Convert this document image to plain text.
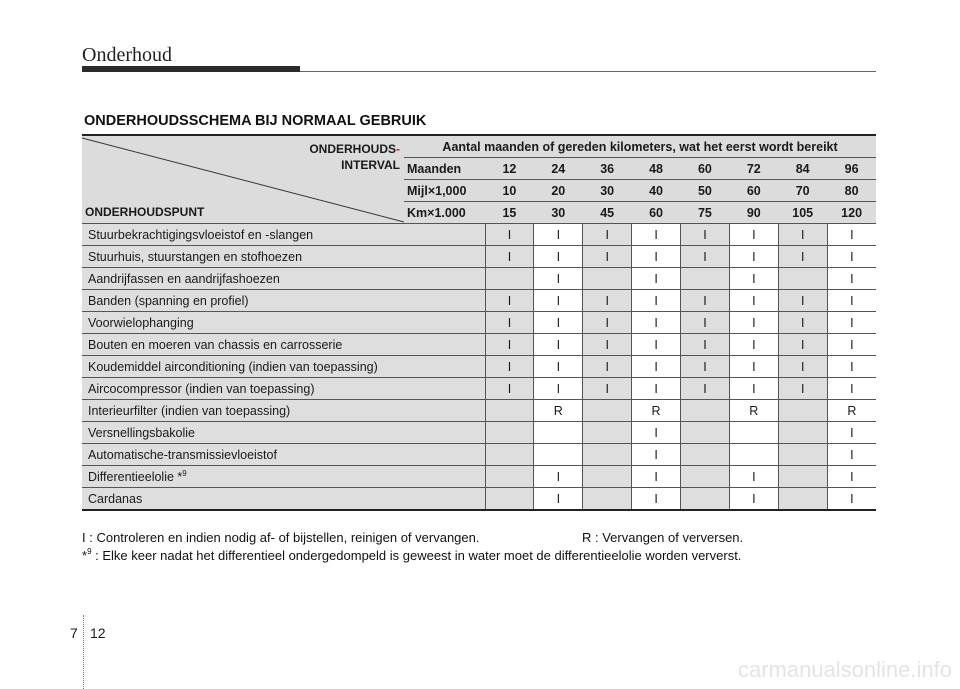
Onderhoud
ONDERHOUDSSCHEMA BIJ NORMAAL GEBRUIK
ONDERHOUDS-
INTERVAL
ONDERHOUDSPUNT	Aantal maanden of gereden kilometers, wat het eerst wordt bereikt								
	Maanden	12	24	36	48	60	72	84	96
	Mijl×1,000	10	20	30	40	50	60	70	80
	Km×1.000	15	30	45	60	75	90	105	120
Stuurbekrachtigingsvloeistof en -slangen		I	I	I	I	I	I	I	I
Stuurhuis, stuurstangen en stofhoezen		I	I	I	I	I	I	I	I
Aandrijfassen en aandrijfashoezen			I		I		I		I
Banden (spanning en profiel)		I	I	I	I	I	I	I	I
Voorwielophanging		I	I	I	I	I	I	I	I
Bouten en moeren van chassis en carrosserie		I	I	I	I	I	I	I	I
Koudemiddel airconditioning (indien van toepassing)		I	I	I	I	I	I	I	I
Aircocompressor (indien van toepassing)		I	I	I	I	I	I	I	I
Interieurfilter (indien van toepassing)			R		R		R		R
Versnellingsbakolie					I				I
Automatische-transmissievloeistof					I				I
Differentieelolie *$^9$			I		I		I		I
Cardanas			I		I		I		I
I : Controleren en indien nodig af- of bijstellen, reinigen of vervangen.	R : Vervangen of verversen.
*$^9$ : Elke keer nadat het differentieel ondergedompeld is geweest in water moet de differentieelolie worden ververst.
7 12
carmanualsonline.info
